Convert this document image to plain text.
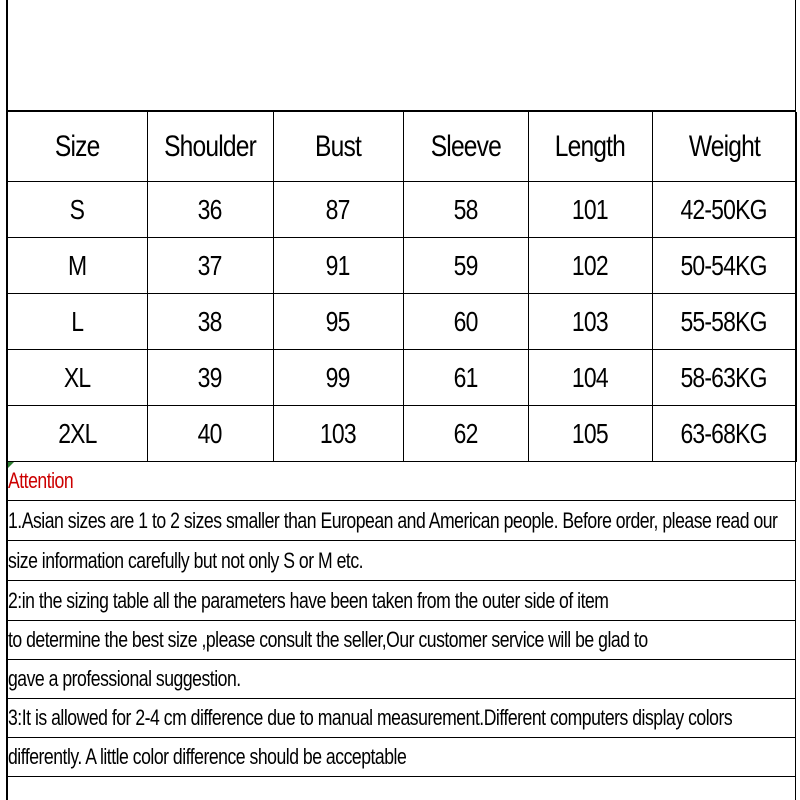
Size	Shoulder	Bust	Sleeve	Length	Weight
S	36	87	58	101	42-50KG
M	37	91	59	102	50-54KG
L	38	95	60	103	55-58KG
XL	39	99	61	104	58-63KG
2XL	40	103	62	105	63-68KG
Attention
1.Asian sizes are 1 to 2 sizes smaller than European and American people. Before order, please read our
size information carefully but not only S or M etc.
2:in the sizing table all the parameters have been taken from the outer side of item
to determine the best size ,please consult the seller,Our customer service will be glad to
gave a professional suggestion.
3:It is allowed for 2-4 cm difference due to manual measurement.Different computers display colors
differently. A little color difference should be acceptable
